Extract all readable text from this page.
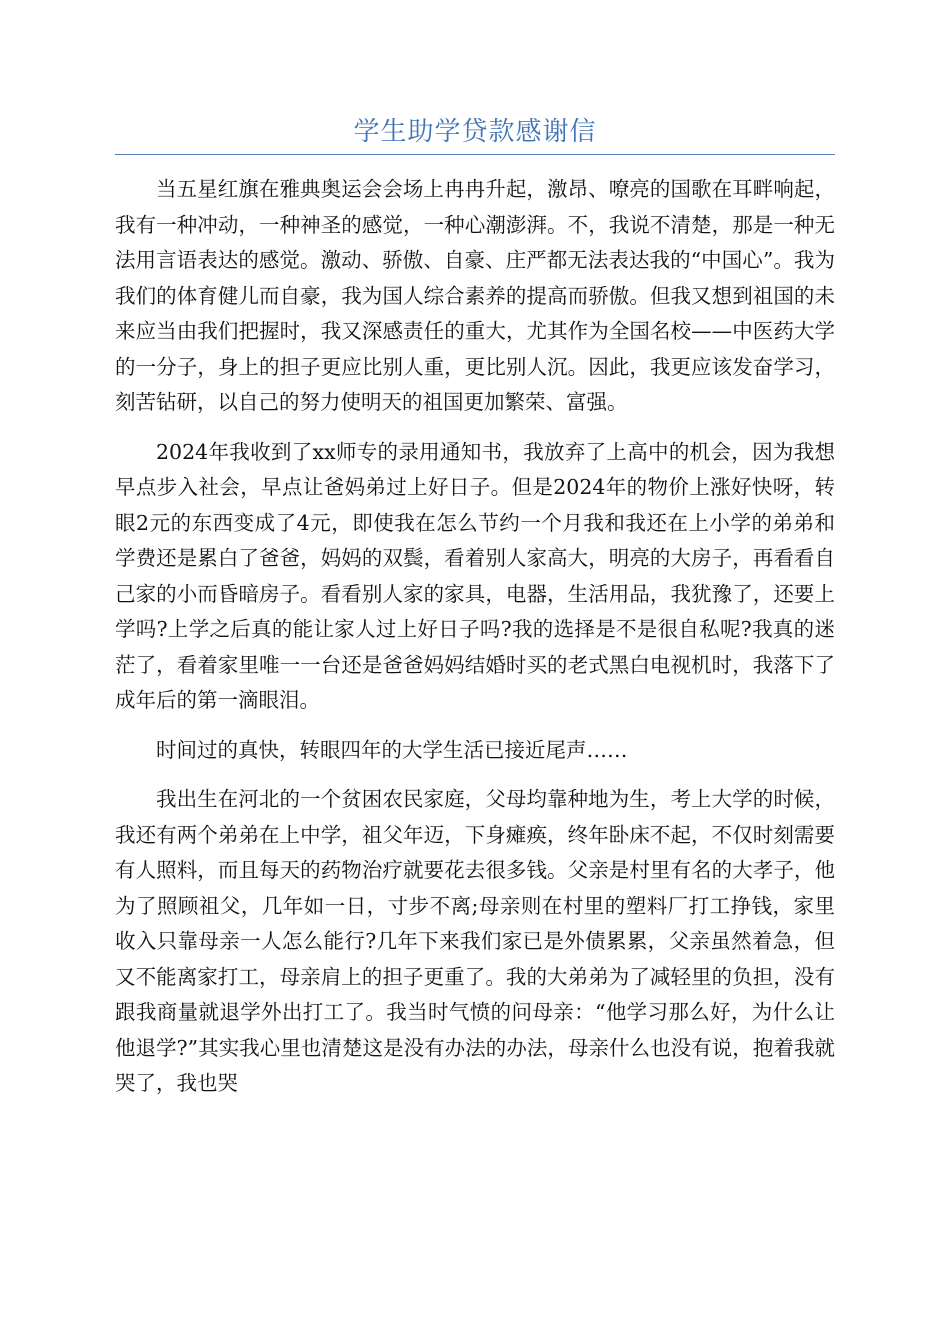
学生助学贷款感谢信

当五星红旗在雅典奥运会会场上冉冉升起，激昂、嘹亮的国歌在耳畔响起，我有一种冲动，一种神圣的感觉，一种心潮澎湃。不，我说不清楚，那是一种无法用言语表达的感觉。激动、骄傲、自豪、庄严都无法表达我的“中国心”。我为我们的体育健儿而自豪，我为国人综合素养的提高而骄傲。但我又想到祖国的未来应当由我们把握时，我又深感责任的重大，尤其作为全国名校——中医药大学的一分子，身上的担子更应比别人重，更比别人沉。因此，我更应该发奋学习，刻苦钻研，以自己的努力使明天的祖国更加繁荣、富强。

2024年我收到了xx师专的录用通知书，我放弃了上高中的机会，因为我想早点步入社会，早点让爸妈弟过上好日子。但是2024年的物价上涨好快呀，转眼2元的东西变成了4元，即使我在怎么节约一个月我和我还在上小学的弟弟和学费还是累白了爸爸，妈妈的双鬓，看着别人家高大，明亮的大房子，再看看自己家的小而昏暗房子。看看别人家的家具，电器，生活用品，我犹豫了，还要上学吗?上学之后真的能让家人过上好日子吗?我的选择是不是很自私呢?我真的迷茫了，看着家里唯一一台还是爸爸妈妈结婚时买的老式黑白电视机时，我落下了成年后的第一滴眼泪。

时间过的真快，转眼四年的大学生活已接近尾声……

我出生在河北的一个贫困农民家庭，父母均靠种地为生，考上大学的时候，我还有两个弟弟在上中学，祖父年迈，下身瘫痪，终年卧床不起，不仅时刻需要有人照料，而且每天的药物治疗就要花去很多钱。父亲是村里有名的大孝子，他为了照顾祖父，几年如一日，寸步不离;母亲则在村里的塑料厂打工挣钱，家里收入只靠母亲一人怎么能行?几年下来我们家已是外债累累，父亲虽然着急，但又不能离家打工，母亲肩上的担子更重了。我的大弟弟为了减轻里的负担，没有跟我商量就退学外出打工了。我当时气愤的问母亲：“他学习那么好，为什么让他退学?”其实我心里也清楚这是没有办法的办法，母亲什么也没有说，抱着我就哭了，我也哭
